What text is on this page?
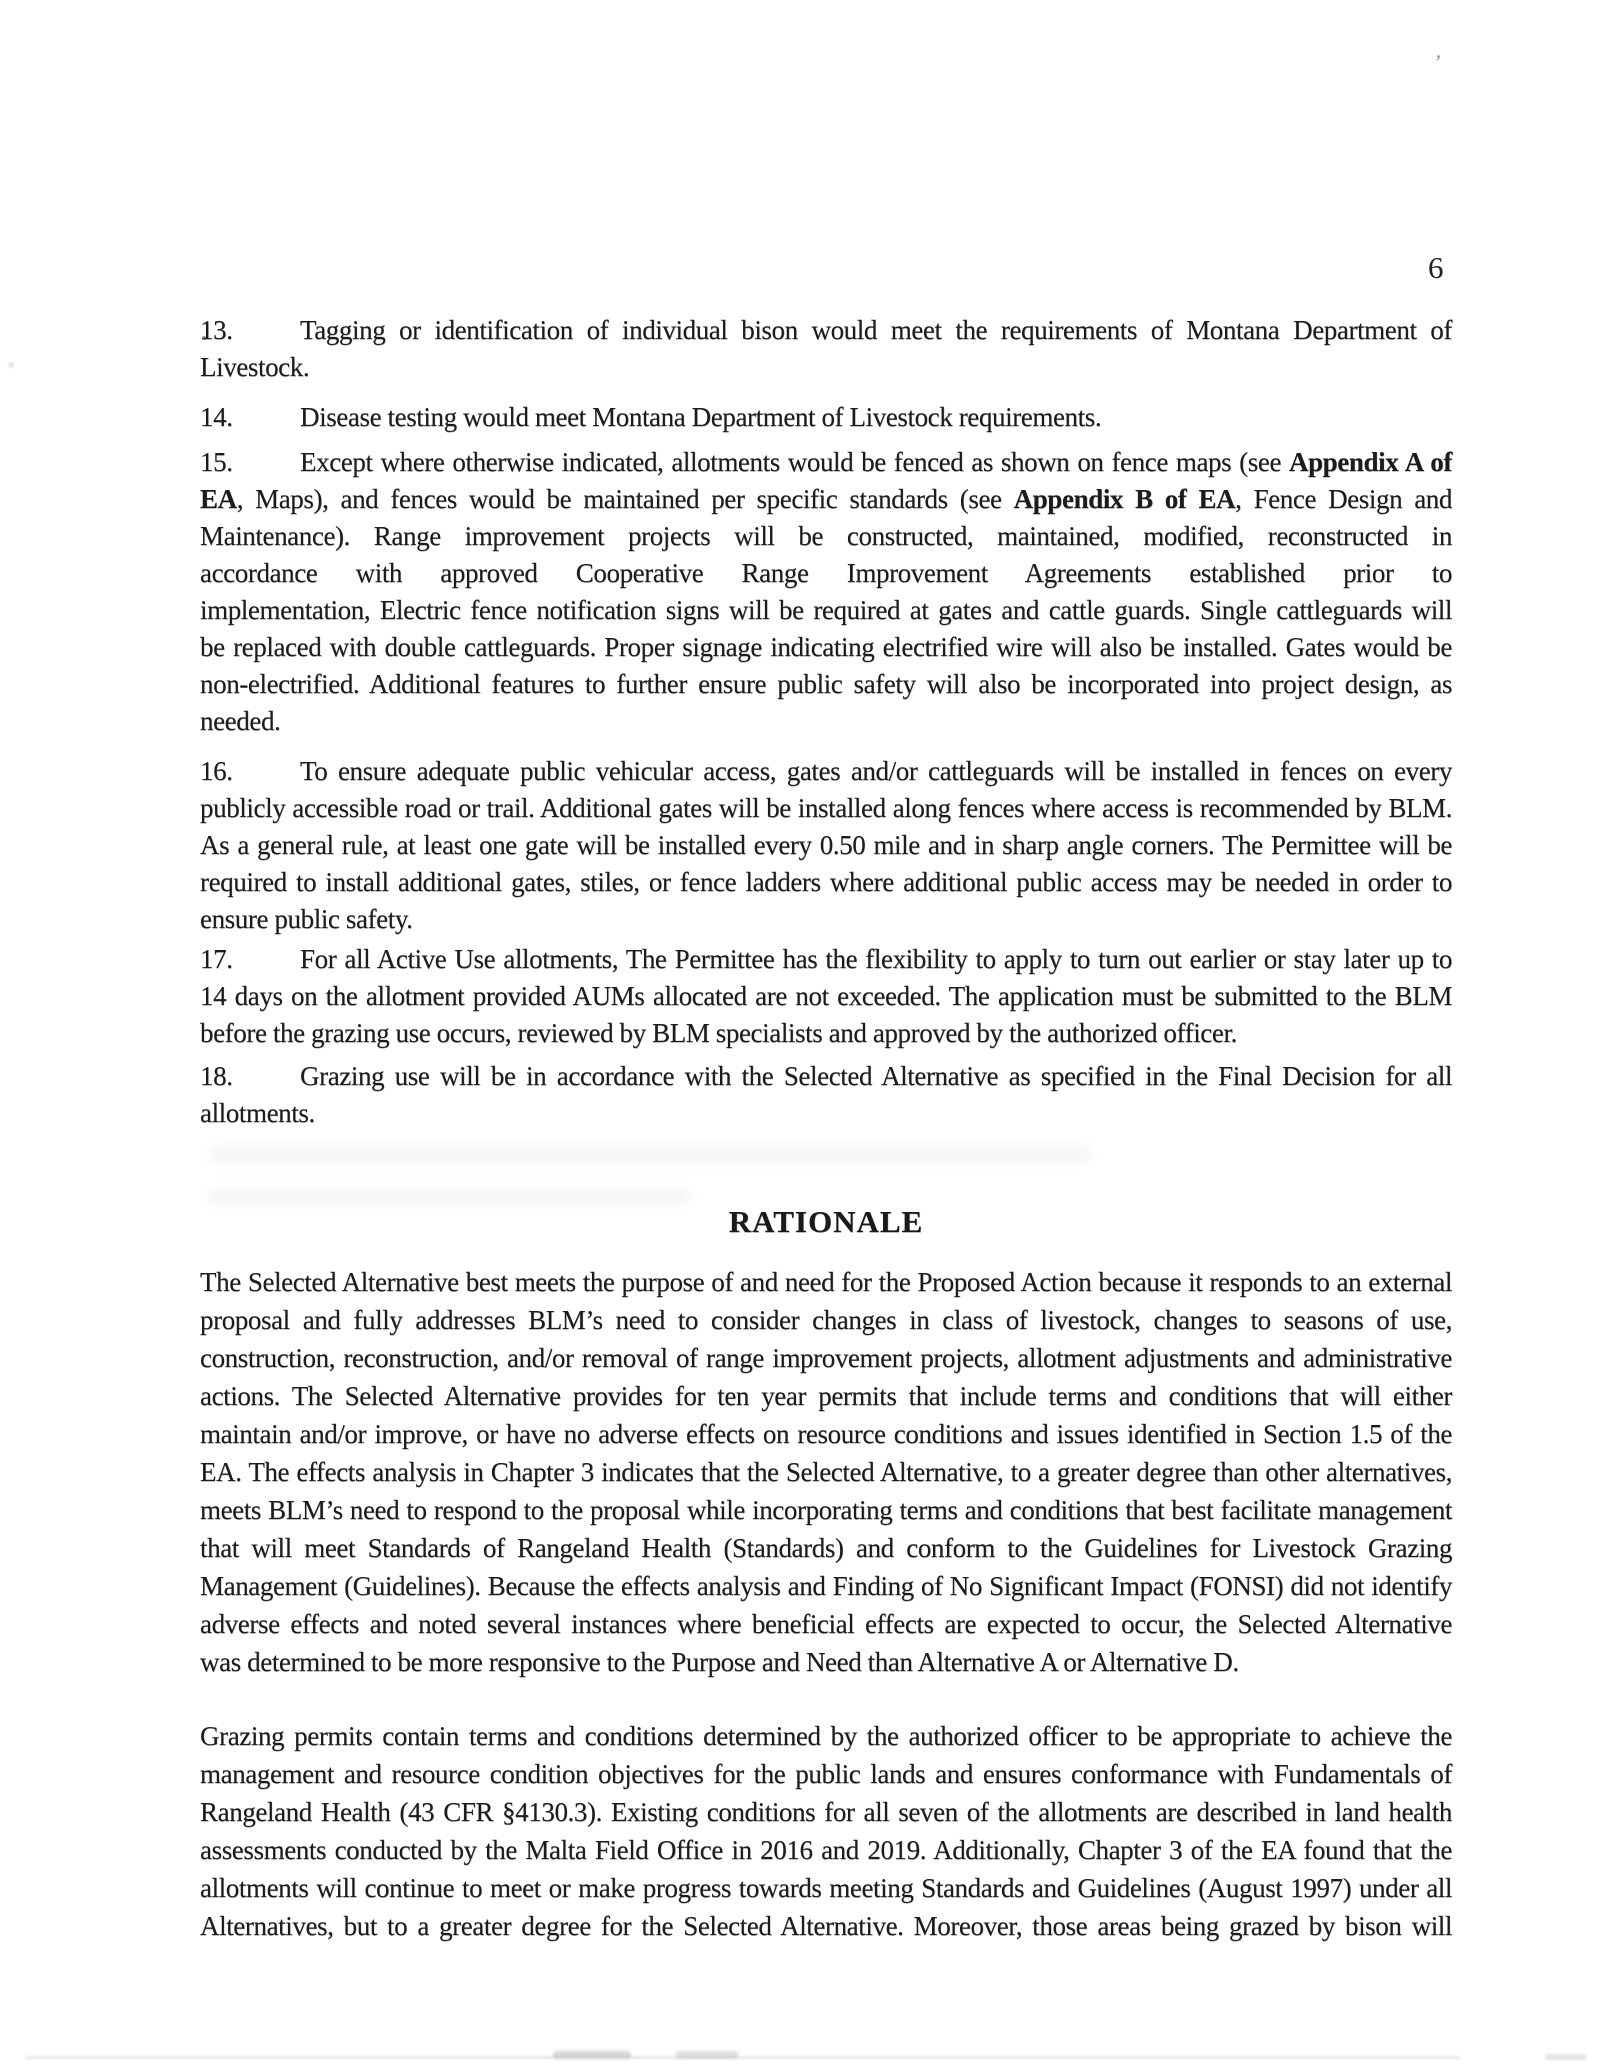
6
’
13. Tagging or identification of individual bison would meet the requirements of Montana Department of
Livestock.
14. Disease testing would meet Montana Department of Livestock requirements.
15. Except where otherwise indicated, allotments would be fenced as shown on fence maps (see Appendix A of
EA, Maps), and fences would be maintained per specific standards (see Appendix B of EA, Fence Design and
Maintenance). Range improvement projects will be constructed, maintained, modified, reconstructed in
accordance with approved Cooperative Range Improvement Agreements established prior to
implementation, Electric fence notification signs will be required at gates and cattle guards. Single cattleguards will
be replaced with double cattleguards. Proper signage indicating electrified wire will also be installed. Gates would be
non-electrified. Additional features to further ensure public safety will also be incorporated into project design, as
needed.
16. To ensure adequate public vehicular access, gates and/or cattleguards will be installed in fences on every
publicly accessible road or trail. Additional gates will be installed along fences where access is recommended by BLM.
As a general rule, at least one gate will be installed every 0.50 mile and in sharp angle corners. The Permittee will be
required to install additional gates, stiles, or fence ladders where additional public access may be needed in order to
ensure public safety.
17. For all Active Use allotments, The Permittee has the flexibility to apply to turn out earlier or stay later up to
14 days on the allotment provided AUMs allocated are not exceeded. The application must be submitted to the BLM
before the grazing use occurs, reviewed by BLM specialists and approved by the authorized officer.
18. Grazing use will be in accordance with the Selected Alternative as specified in the Final Decision for all
allotments.
RATIONALE
The Selected Alternative best meets the purpose of and need for the Proposed Action because it responds to an external
proposal and fully addresses BLM’s need to consider changes in class of livestock, changes to seasons of use,
construction, reconstruction, and/or removal of range improvement projects, allotment adjustments and administrative
actions. The Selected Alternative provides for ten year permits that include terms and conditions that will either
maintain and/or improve, or have no adverse effects on resource conditions and issues identified in Section 1.5 of the
EA. The effects analysis in Chapter 3 indicates that the Selected Alternative, to a greater degree than other alternatives,
meets BLM’s need to respond to the proposal while incorporating terms and conditions that best facilitate management
that will meet Standards of Rangeland Health (Standards) and conform to the Guidelines for Livestock Grazing
Management (Guidelines). Because the effects analysis and Finding of No Significant Impact (FONSI) did not identify
adverse effects and noted several instances where beneficial effects are expected to occur, the Selected Alternative
was determined to be more responsive to the Purpose and Need than Alternative A or Alternative D.
Grazing permits contain terms and conditions determined by the authorized officer to be appropriate to achieve the
management and resource condition objectives for the public lands and ensures conformance with Fundamentals of
Rangeland Health (43 CFR §4130.3). Existing conditions for all seven of the allotments are described in land health
assessments conducted by the Malta Field Office in 2016 and 2019. Additionally, Chapter 3 of the EA found that the
allotments will continue to meet or make progress towards meeting Standards and Guidelines (August 1997) under all
Alternatives, but to a greater degree for the Selected Alternative. Moreover, those areas being grazed by bison will
